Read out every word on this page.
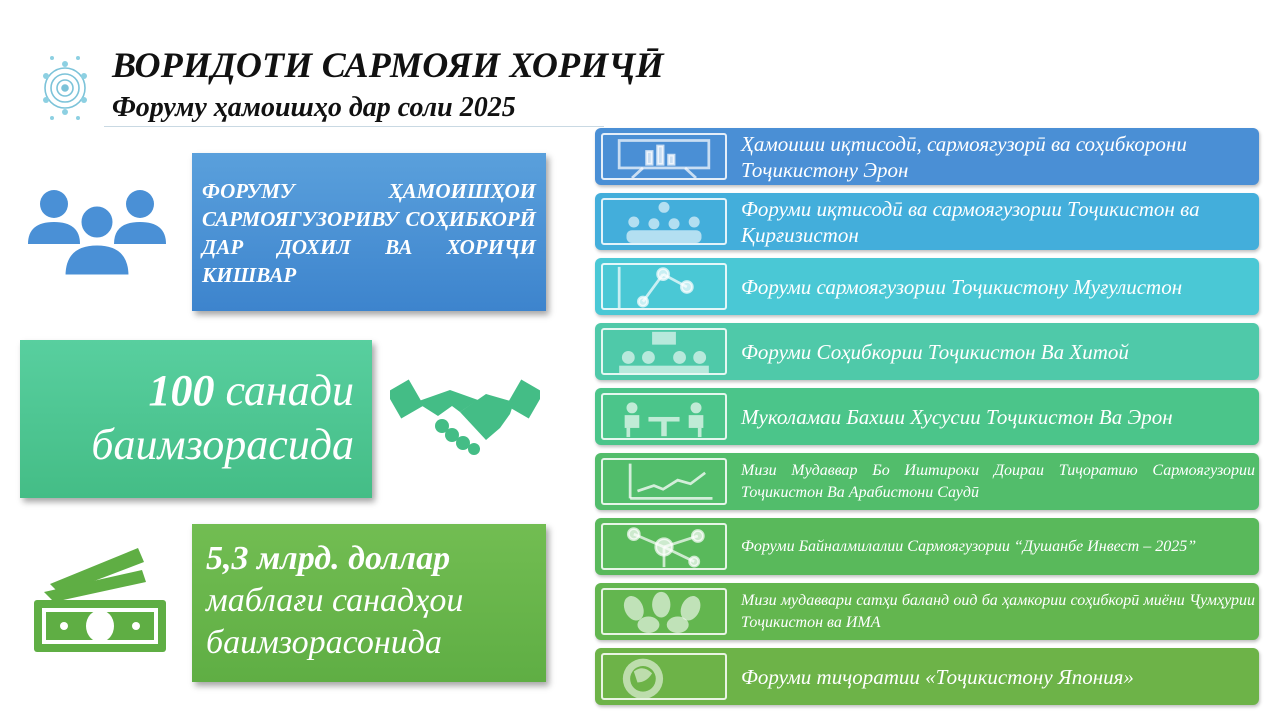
ВОРИДОТИ САРМОЯИ ХОРИҶӢ
Форуму ҳамоишҳо дар соли 2025
ФОРУМУ ҲАМОИШҲОИ САРМОЯГУЗОРИВУ СОҲИБКОРӢ ДАР ДОХИЛ ВА ХОРИҶИ КИШВАР
100 санади
баимзорасида
5,3 млрд. доллар
маблағи санадҳои баимзорасонида
Ҳамоиши иқтисодӣ, сармоягузорӣ ва соҳибкорони Тоҷикистону Эрон
Форуми иқтисодӣ ва сармоягузории Тоҷикистон ва Қирғизистон
Форуми сармоягузории Тоҷикистону Муғулистон
Форуми Соҳибкории Тоҷикистон Ва Хитой
Муколамаи Бахши Хусусии Тоҷикистон Ва Эрон
Мизи Мудаввар Бо Иштироки Доираи Тиҷоратию Сармоягузории Тоҷикистон Ва Арабистони Саудӣ
Форуми Байналмилалии Сармоягузории “Душанбе Инвест – 2025”
Мизи мудаввари сатҳи баланд оид ба ҳамкории соҳибкорӣ миёни Ҷумҳурии Тоҷикистон ва ИМА
Форуми тиҷоратии «Тоҷикистону Япония»
